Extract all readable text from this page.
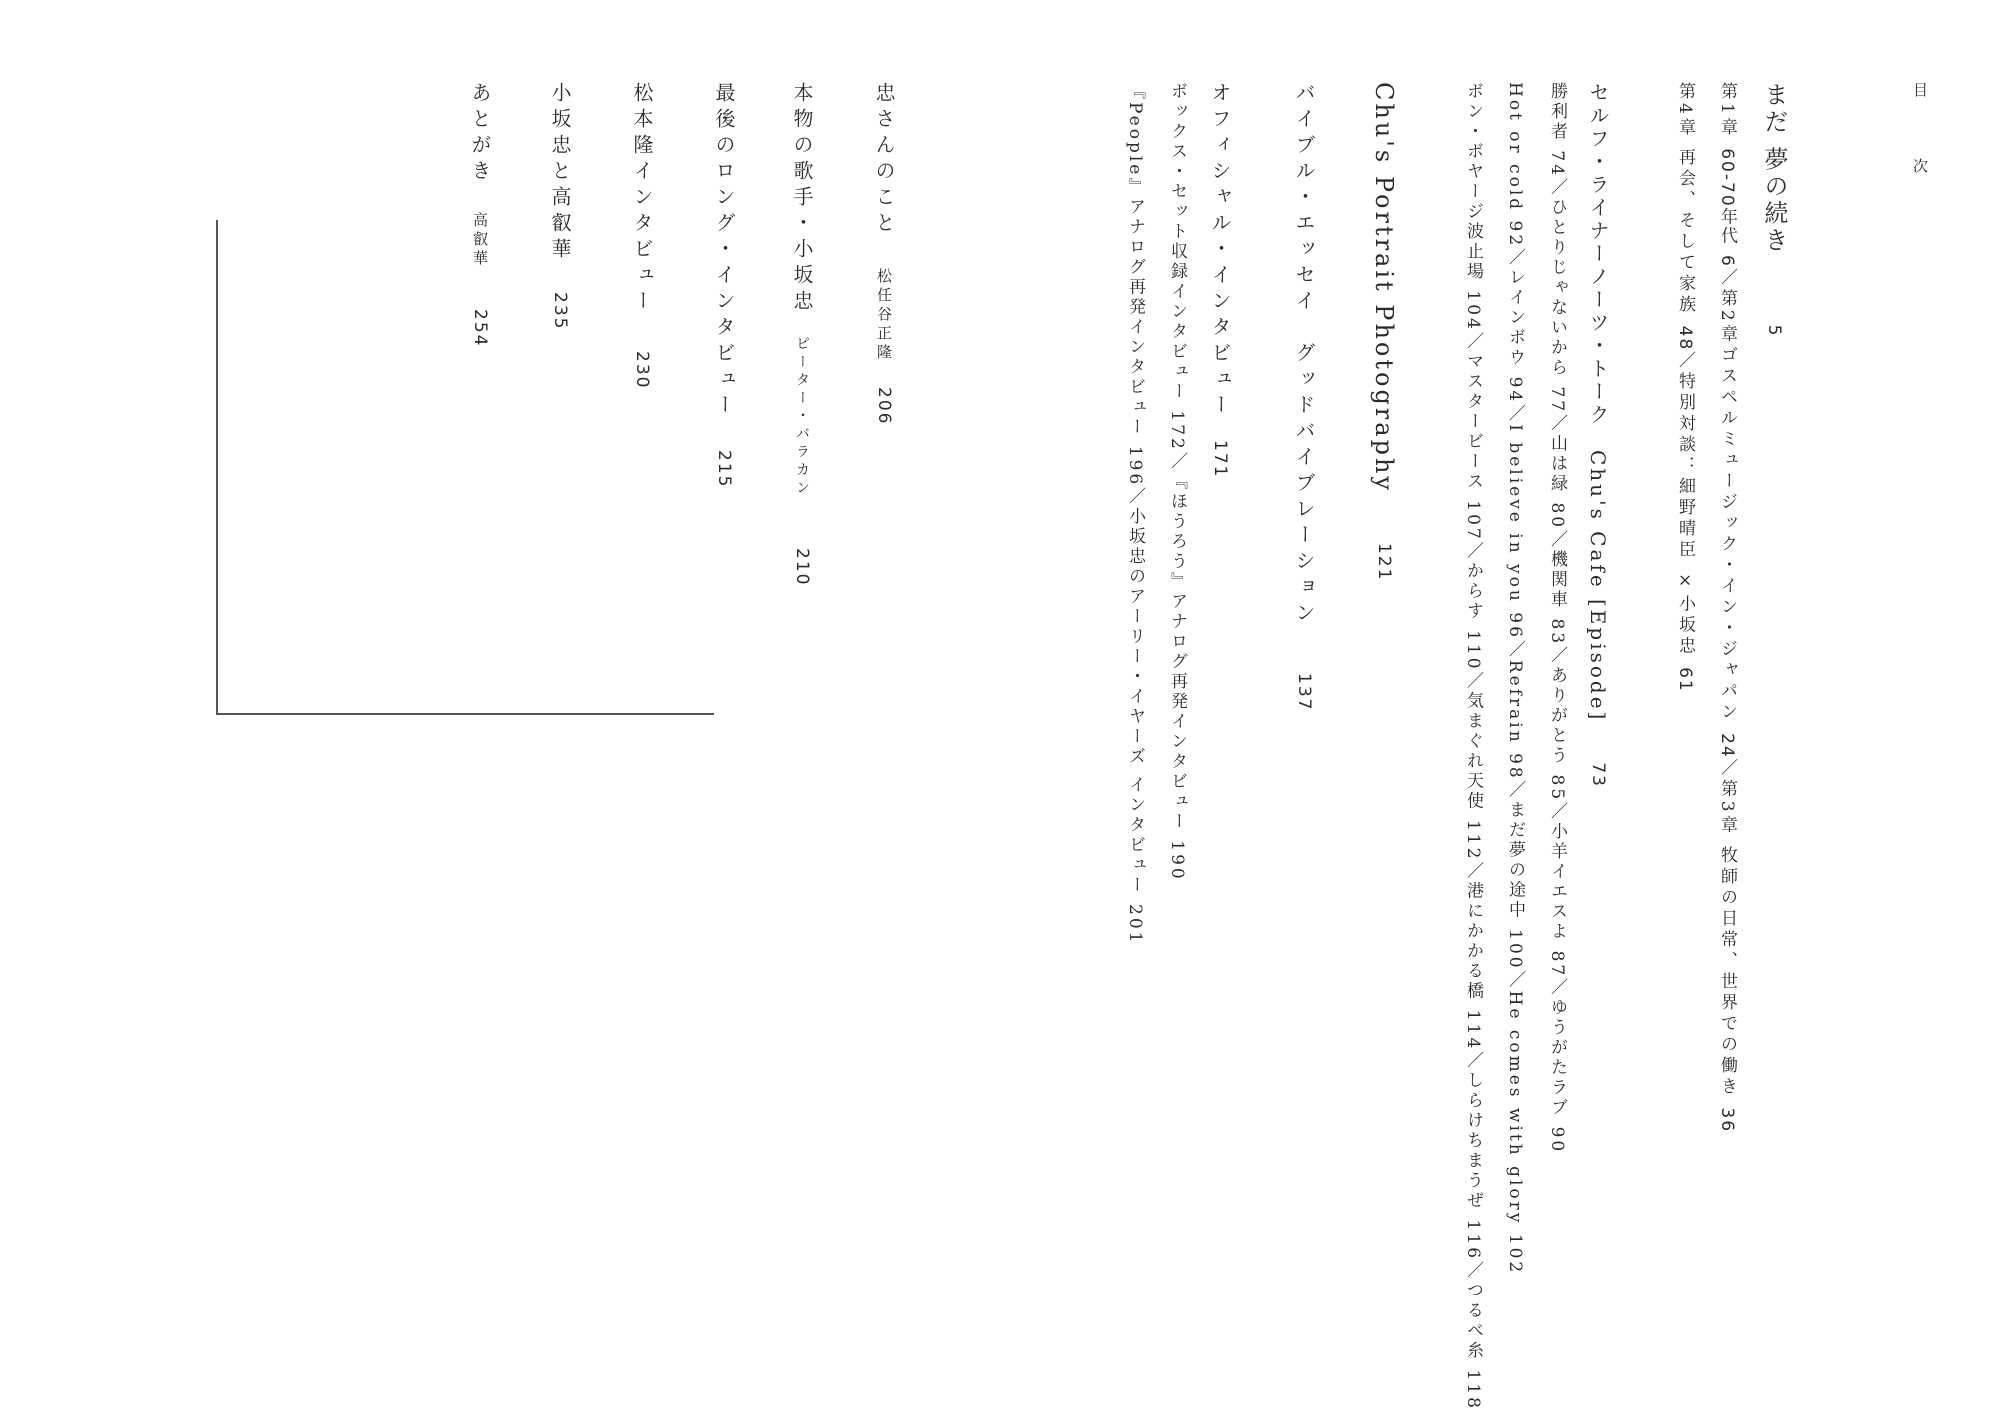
目 次
まだ 夢の続き5
第1章 60-70年代 6／第2章ゴスペルミュージック・イン・ジャパン 24／第3章 牧師の日常、世界での働き 36
第4章 再会、そして家族 48／特別対談：細野晴臣 ×小坂忠 61
セルフ・ライナーノーツ・トーク　Chu's Cafe [Episode]73
勝利者 74／ひとりじゃないから 77／山は緑 80／機関車 83／ありがとう 85／小羊イエスよ 87／ゆうがたラブ 90
Hot or cold 92／レインボウ 94／I believe in you 96／Refrain 98／まだ夢の途中 100／He comes with glory 102
ボン・ボヤージ波止場 104／マスタービース 107／からす 110／気まぐれ天使 112／港にかかる橋 114／しらけちまうぜ 116／つるべ糸 118
Chu's Portrait Photography121
バイブル・エッセイ　グッドバイブレーション137
オフィシャル・インタビュー171
ボックス・セット収録インタビュー 172／『ほうろう』アナログ再発インタビュー 190
『People』アナログ再発インタビュー 196／小坂忠のアーリー・イヤーズ インタビュー 201
忠さんのこと松任谷正隆206
本物の歌手・小坂忠ピーター・バラカン210
最後のロング・インタビュー215
松本隆インタビュー230
小坂忠と高叡華235
あとがき高叡華254
